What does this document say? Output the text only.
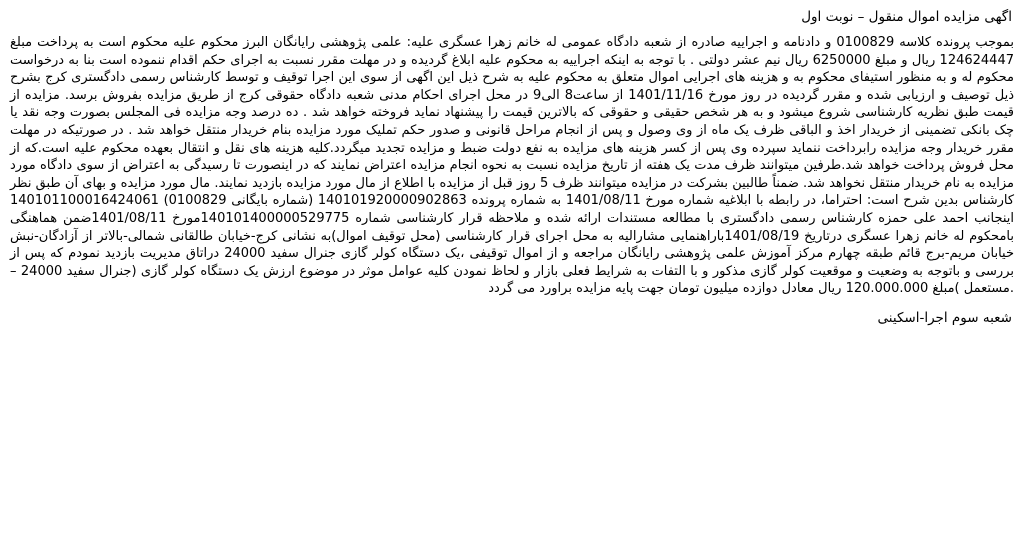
اگهی مزایده اموال منقول – نوبت اول

بموجب پرونده کلاسه 0100829 و دادنامه و اجراییه صادره از شعبه دادگاه عمومی له خانم زهرا عسگری علیه: علمی پژوهشی رایانگان البرز محکوم علیه محکوم است به پرداخت مبلغ 124624447 ریال و مبلغ 6250000 ریال نیم عشر دولتی . با توجه به اینکه اجراییه به محکوم علیه ابلاغ گردیده و در مهلت مقرر نسبت به اجرای حکم اقدام ننموده است بنا به درخواست محکوم له و به منظور استیفای محکوم به و هزینه های اجرایی اموال متعلق به محکوم علیه به شرح ذیل این اگهی از سوی این اجرا توقیف و توسط کارشناس رسمی دادگستری کرج بشرح ذیل توصیف و ارزیابی شده و مقرر گردیده در روز مورخ 1401/11/16 از ساعت8 الی9 در محل اجرای احکام مدنی شعبه دادگاه حقوقی کرج از طریق مزایده بفروش برسد. مزایده از قیمت طبق نظریه کارشناسی شروع میشود و به هر شخص حقیقی و حقوقی که بالاترین قیمت را پیشنهاد نماید فروخته خواهد شد . ده درصد وجه مزایده فی المجلس بصورت وجه نقد یا چک بانکی تضمینی از خریدار اخذ و الباقی ظرف یک ماه از وی وصول و پس از انجام مراحل قانونی و صدور حکم تملیک مورد مزایده بنام خریدار منتقل خواهد شد . در صورتیکه در مهلت مقرر خریدار وجه مزایده رابرداخت ننماید سپرده وی پس از کسر هزینه های مزایده به نفع دولت ضبط و مزایده تجدید میگردد.کلیه هزینه های نقل و انتقال بعهده محکوم علیه است.که از محل فروش پرداخت خواهد شد.طرفین میتوانند ظرف مدت یک هفته از تاریخ مزایده نسبت به نحوه انجام مزایده اعتراض نمایند که در اینصورت تا رسیدگی به اعتراض از سوی دادگاه مورد مزایده به نام خریدار منتقل نخواهد شد. ضمناً طالبین بشرکت در مزایده میتوانند ظرف 5 روز قبل از مزایده با اطلاع از مال مورد مزایده بازدید نمایند. مال مورد مزایده و بهای آن طبق نظر کارشناس بدین شرح است: احتراما، در رابطه با ابلاغیه شماره 14010110001642406‪1 مورخ 1401/08/11 به شماره پرونده 140101920000902863 (شماره بایگانی 0100829) اینجانب احمد علی حمزه کارشناس رسمی دادگستری با مطالعه مستندات ارائه شده و ملاحظه قرار کارشناسی شماره 140101400000529775مورخ 1401/08/11ضمن هماهنگی بامحکوم له خانم زهرا عسگری درتاریخ 1401/08/19باراهنمایی مشارالیه به محل اجرای قرار کارشناسی (محل توقیف اموال)به نشانی کرج-خیابان طالقانی شمالی-بالاتر از آزادگان-نبش خیابان مریم-برج قائم طبقه چهارم مرکز آموزش علمی پژوهشی رایانگان مراجعه و از اموال توقیفی ،یک دستگاه کولر گازی جنرال سفید 24000 دراتاق مدیریت بازدید نمودم که پس از بررسی و باتوجه به وضعیت و موقعیت کولر گازی مذکور و با التفات به شرایط فعلی بازار و لحاظ نمودن کلیه عوامل موثر در موضوع ارزش یک دستگاه کولر گازی (جنرال سفید 24000 –مستعمل )مبلغ 120.000.000 ریال معادل دوازده میلیون تومان جهت پایه مزایده براورد می گردد.

شعبه سوم اجرا-اسکینی
